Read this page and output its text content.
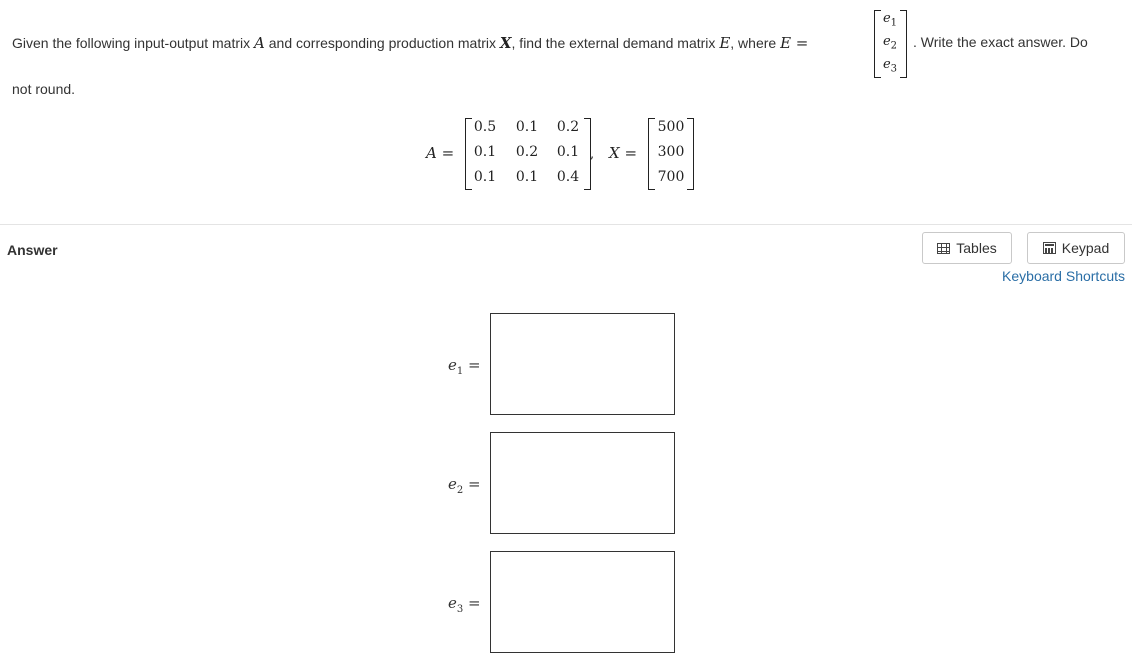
Given the following input-output matrix A and corresponding production matrix X, find the external demand matrix E, where E =
$e_1$
$e_2$
$e_3$
. Write the exact answer. Do
not round.
A =
0.5	0.1	0.2
0.1	0.2	0.1
0.1	0.1	0.4
, X =
500
300
700
Answer	Tables	Keypad
Keyboard Shortcuts
$e_1$ =
$e_2$ =
$e_3$ =
